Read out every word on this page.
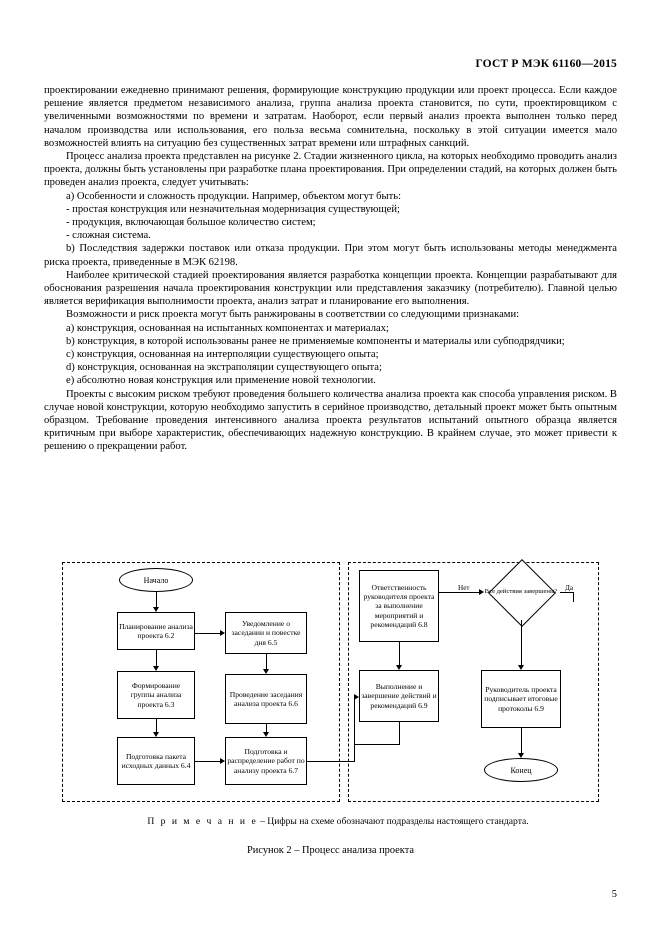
ГОСТ Р МЭК 61160—2015

проектировании ежедневно принимают решения, формирующие конструкцию продукции или проект процесса. Если каждое решение является предметом независимого анализа, группа анализа проекта становится, по сути, проектировщиком с увеличенными возможностями по времени и затратам. Наоборот, если первый анализ проекта выполнен только перед началом производства или использования, его польза весьма сомнительна, поскольку в этой ситуации имеется мало возможностей влиять на ситуацию без существенных затрат времени или штрафных санкций.

Процесс анализа проекта представлен на рисунке 2. Стадии жизненного цикла, на которых необходимо проводить анализ проекта, должны быть установлены при разработке плана проектирования. При определении стадий, на которых должен быть проведен анализ проекта, следует учитывать:

a) Особенности и сложность продукции. Например, объектом могут быть:

- простая конструкция или незначительная модернизация существующей;

- продукция, включающая большое количество систем;

- сложная система.

b) Последствия задержки поставок или отказа продукции. При этом могут быть использованы методы менеджмента риска проекта, приведенные в МЭК 62198.

Наиболее критической стадией проектирования является разработка концепции проекта. Концепции разрабатывают для обоснования разрешения начала проектирования конструкции или представления заказчику (потребителю). Главной целью является верификация выполнимости проекта, анализ затрат и планирование его выполнения.

Возможности и риск проекта могут быть ранжированы в соответствии со следующими признаками:

a) конструкция, основанная на испытанных компонентах и материалах;

b) конструкция, в которой использованы ранее не применяемые компоненты и материалы или субподрядчики;

c) конструкция, основанная на интерполяции существующего опыта;

d) конструкция, основанная на экстраполяции существующего опыта;

e) абсолютно новая конструкция или применение новой технологии.

Проекты с высоким риском требуют проведения большего количества анализа проекта как способа управления риском. В случае новой конструкции, которую необходимо запустить в серийное производство, детальный проект может быть опытным образцом. Требование проведения интенсивного анализа проекта результатов испытаний опытного образца является критичным при выборе характеристик, обеспечивающих надежную конструкцию. В крайнем случае, это может привести к решению о прекращении работ.

Начало
Планирование анализа проекта 6.2
Формирование группы анализа проекта 6.3
Подготовка пакета исходных данных 6.4
Уведомление о заседании и повестке дня 6.5
Проведение заседания анализа проекта 6.6
Подготовка и распределение работ по анализу проекта 6.7
Ответственность руководителя проекта за выполнение мероприятий и рекомендаций 6.8
Выполнение и завершение действий и рекомендаций 6.9
Все действия завершены?
Руководитель проекта подписывает итоговые протоколы 6.9
Конец
Нет	Да
П р и м е ч а н и е – Цифры на схеме обозначают подразделы настоящего стандарта.
Рисунок 2 – Процесс анализа проекта
5
